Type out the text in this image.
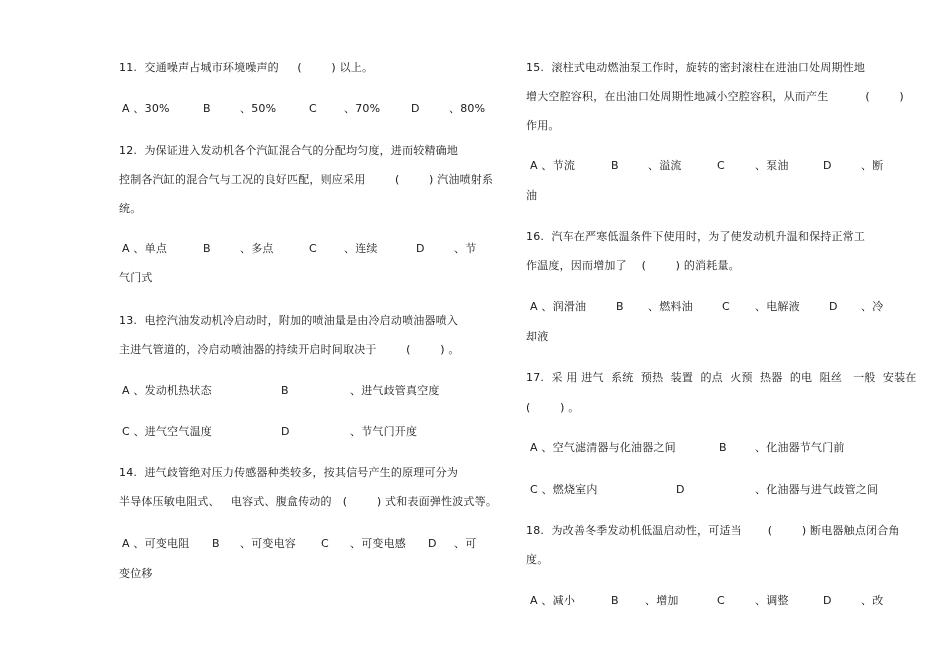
11.  交通噪声占城市环境噪声的     (        ) 以上。
A 、30%	B	、50%	C 、70%	D	、80%
12.  为保证进入发动机各个汽缸混合气的分配均匀度，进而较精确地
控制各汽缸的混合气与工况的良好匹配，则应采用        (        ) 汽油喷射系
统。
A 、单点	B	、多点	C 、连续	D	、节
气门式
13.  电控汽油发动机冷启动时，附加的喷油量是由冷启动喷油器喷入
主进气管道的，冷启动喷油器的持续开启时间取决于        (        ) 。
A 、发动机热状态	B	、进气歧管真空度
C 、进气空气温度	D	、节气门开度
14.  进气歧管绝对压力传感器种类较多，按其信号产生的原理可分为
半导体压敏电阻式、   电容式、腹盒传动的   (        ) 式和表面弹性波式等。
A 、可变电阻 B 、可变电容 C 、可变电感 D 、可
变位移
15.  滚柱式电动燃油泵工作时，旋转的密封滚柱在进油口处周期性地
增大空腔容积，在出油口处周期性地减小空腔容积，从而产生          (        )
作用。
A 、节流	B	、溢流	C	、泵油	D	、断
油
16.  汽车在严寒低温条件下使用时，为了使发动机升温和保持正常工
作温度，因而增加了    (        ) 的消耗量。
A 、润滑油	B 、燃料油	C 、电解液	D 、冷
却液
17.  采 用 进气  系统  预热  装置  的点  火预  热器  的电  阻丝   一般  安装在
(        ) 。
A 、空气滤清器与化油器之间	B	、化油器节气门前
C 、燃烧室内	D	、化油器与进气歧管之间
18.  为改善冬季发动机低温启动性，可适当       (        ) 断电器触点闭合角
度。
A 、减小	B 、增加	C	、调整	D	、改
